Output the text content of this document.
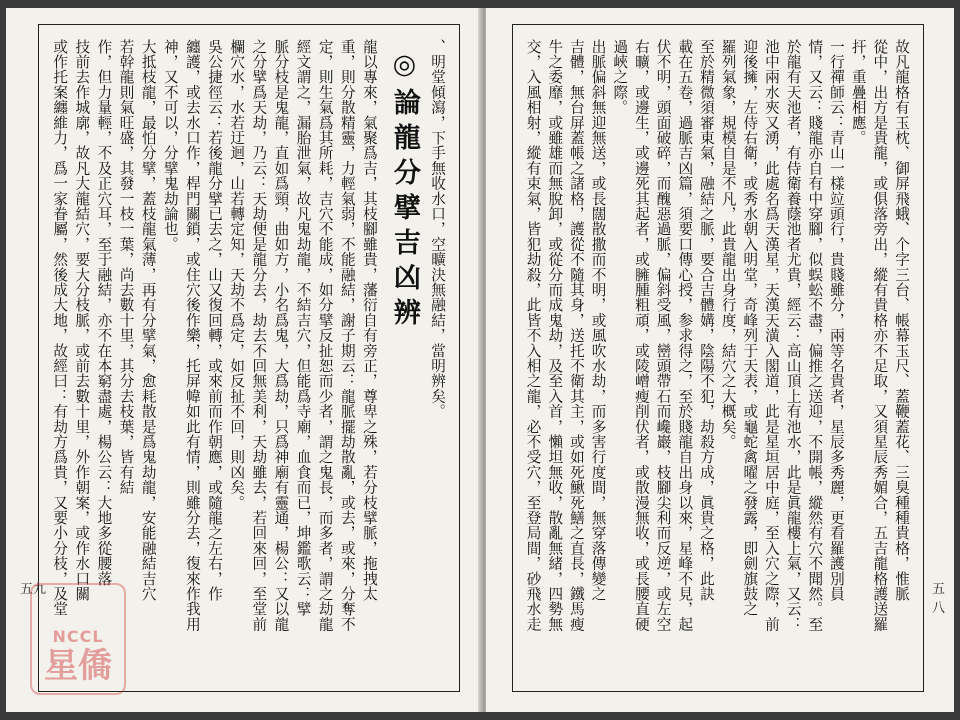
、明堂傾瀉，下手無收水口，空曠決無融結，當明辨矣。
◎論龍分擘吉凶辨
龍以專來，氣聚爲吉，其枝腳雖貴，藩衍自有旁正，尊卑之殊，若分枝擘脈，拖拽太
重，則分散精靈，力輕氣弱，不能融結，謝子期云：龍脈擺劫散亂，或去，或來，分奪不
定，則生氣爲其所耗，吉穴不能成，如分擘反扯恕而少者，謂之鬼長，而多者，謂之劫龍
經文謂之，漏胎泄氣，故凡鬼劫龍，不結吉穴，但能爲寺廟，血食而已，坤鑑歌云：擘
脈分枝是鬼龍，直如爲頸，曲如方，小名爲鬼，大爲劫，只爲神廟有靈通，楊公：又以龍
之分擘爲天劫，乃云：天劫便是龍分去，劫去不回無美利，天劫雖去，若回來回，至堂前
欄穴水，水若迂迴，山若轉定知，天劫不爲定，如反扯不回，則凶矣。
吳公捷徑云：若後龍分擘已去之，山又復回轉，或來前而作朝應，或隨龍之左右，作
纏護，或去水口作，桿門關鎖，或住穴後作樂，托屏幃如此有情，則雖分去，復來作我用
神，又不可以，分擘鬼劫論也。
大抵枝龍，最怕分擘，蓋枝龍氣薄，再有分擘氣，愈耗散是爲鬼劫龍，安能融結吉穴
若幹龍則氣旺盛，其發一枝一葉，尚去數十里，其分去枝葉，皆有結
作，但力量輕，不及正穴耳，至于融結，亦不在本窮盡處，楊公云：大地多從腰落
技前去作城廓，故凡大龍結穴，要大分枝脈，或前去數十里，外作朝案，或作水口關
或作托案纏維力，爲一家眷屬，然後成大地，故經曰：有劫方爲貴，又要小分枝，及堂
五九
NCCL
星僑
故凡龍格有玉枕、御屏飛蛾、个字三台、帳幕玉尺、蓋鞭蓋花、三臭種種貴格，惟脈
從中，出方是貴龍，或俱落旁出，縱有貴格亦不足取，又須星辰秀媚合，五吉龍格護送羅
扞，重疊相應。
一行禪師云：青山一樣竝頭行，貴賤雖分，兩等名貴者，星辰多秀麗，更看羅護別員
情，又云：賤龍亦自有中穿腳，似蜈蚣不盡，偏推之送迎，不開帳，縱然有穴不聞然。至
於龍有天池者，有侍衛養蔭池者尤貴，經云：高山頂上有池水，此是眞龍樓上氣，又云：
池中兩水夾又湧，此處名爲天漢星，天漢天潢入閣道，此是星垣居中庭，至入穴之際，前
迎後擁，左侍右衛，或秀水朝入明堂，奇峰列于天表，或龜蛇禽曜之發露，即劍旗鼓之
羅列氣象，規模自是不凡，此貴龍出身行度，結穴之大概矣。
至於精微須審東氣，融結之脈，要合吉體媾，陰陽不犯，劫殺方成，眞貴之格，此訣
載在五卷，過脈吉凶篇，須要口傳心授，参求得之，至於賤龍自出身以來，星峰不見，起
伏不明，頭面破碎，而醜惡過脈，偏斜受風，巒頭帶石而巉巖，枝腳尖利而反逆，或左空
右曠，或邊生，或邊死其起者，或臃腫粗頑，或陵嶒瘦削伏者，或散漫無收，或長腰直硬
過峽之際。
出脈偏斜無迎無送，或長闊散撒而不明，或風吹水劫，而多害行度間，無穿落傳變之
吉體，無台屏蓋帳之諸格，護從不隨其身，送托不衛其主，或如死鰍死鱔之直長，鐵馬瘦
牛之委靡，或雖雄而無脫卸，或從分而成鬼劫，及至入首，懶坦無收，散亂無緒，四勢無
交，入風相射，縱有束氣，皆犯劫殺，此皆不入相之龍，必不受穴，至登局間，砂飛水走	五八
